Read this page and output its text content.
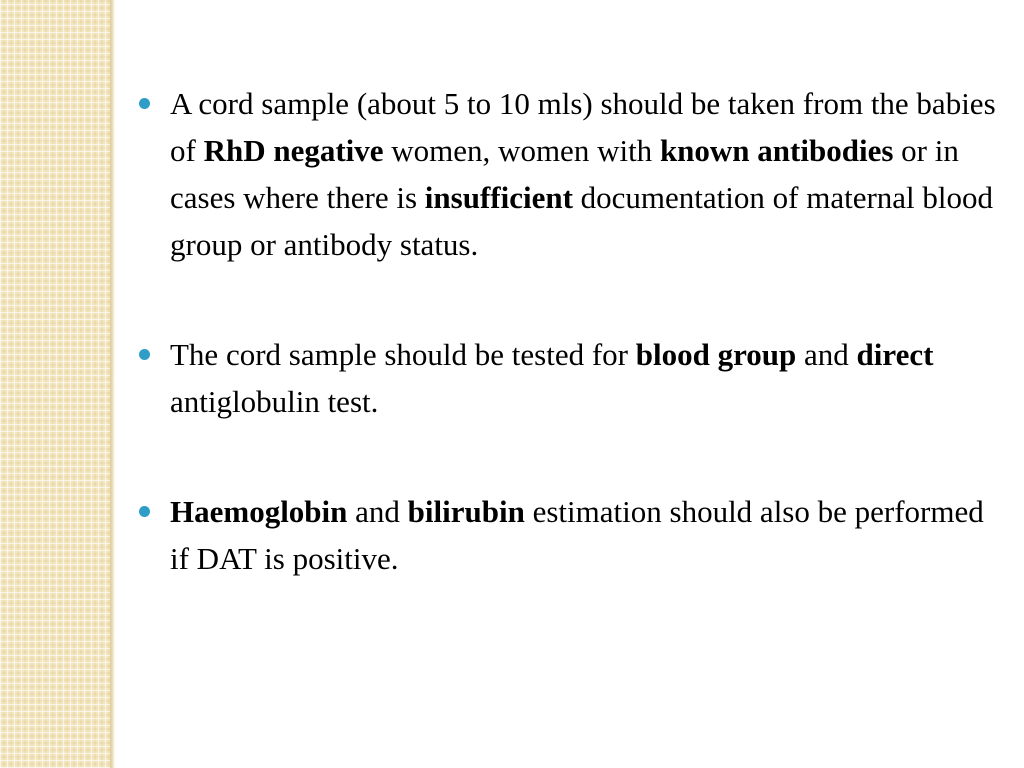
A cord sample (about 5 to 10 mls) should be taken from the babies of RhD negative women, women with known antibodies or in cases where there is insufficient documentation of maternal blood group or antibody status.
The cord sample should be tested for blood group and direct antiglobulin test.
Haemoglobin and bilirubin estimation should also be performed if DAT is positive.
